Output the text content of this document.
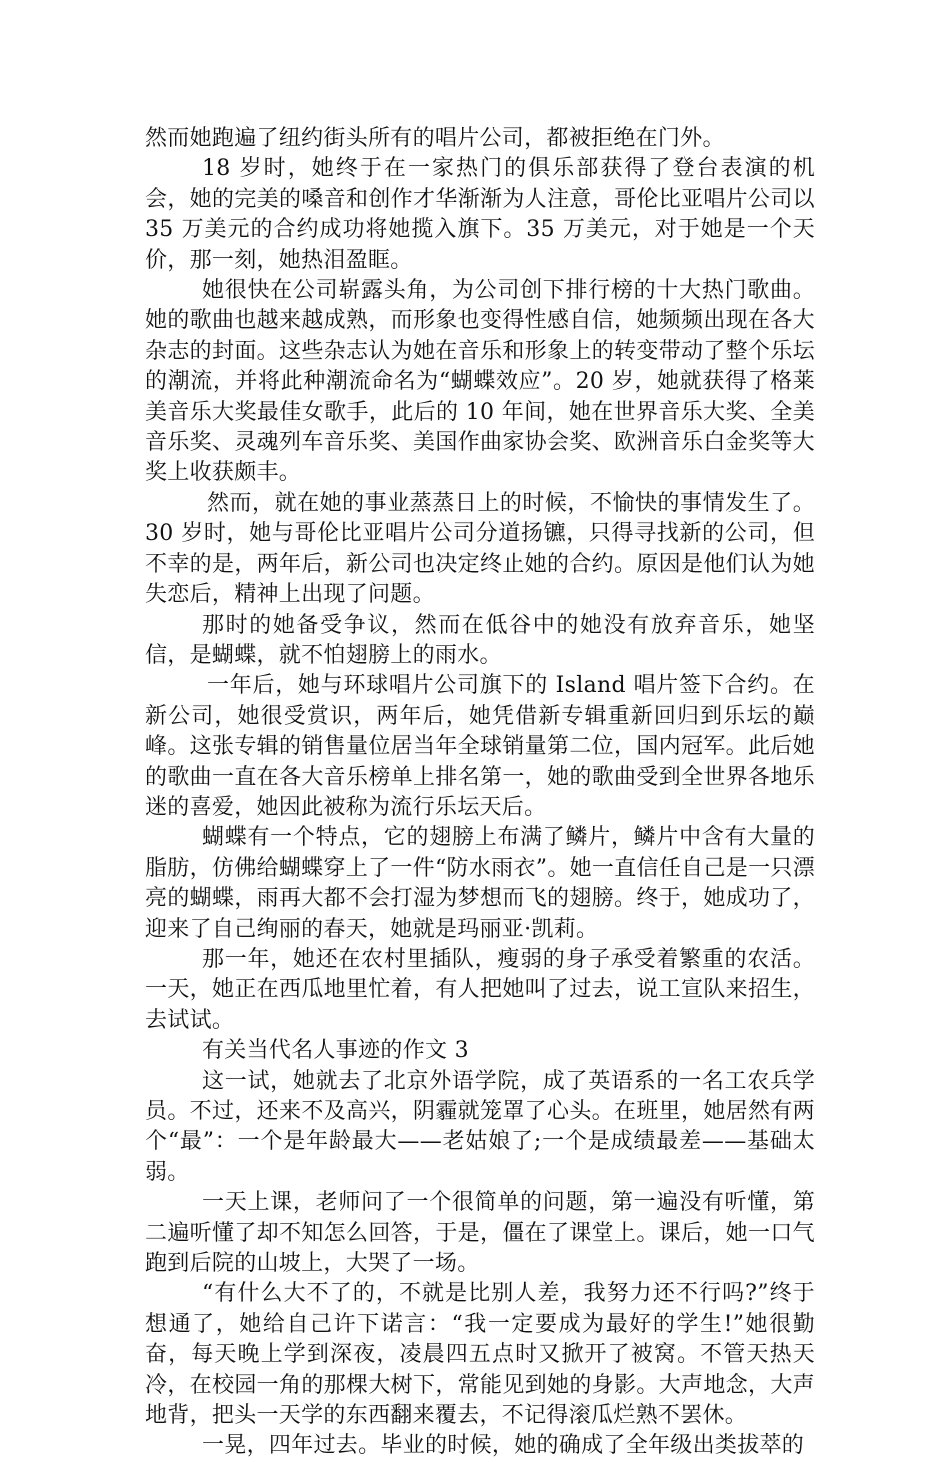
然而她跑遍了纽约街头所有的唱片公司，都被拒绝在门外。

18 岁时，她终于在一家热门的俱乐部获得了登台表演的机会，她的完美的嗓音和创作才华渐渐为人注意，哥伦比亚唱片公司以 35 万美元的合约成功将她揽入旗下。35 万美元，对于她是一个天价，那一刻，她热泪盈眶。

她很快在公司崭露头角，为公司创下排行榜的十大热门歌曲。她的歌曲也越来越成熟，而形象也变得性感自信，她频频出现在各大杂志的封面。这些杂志认为她在音乐和形象上的转变带动了整个乐坛的潮流，并将此种潮流命名为“蝴蝶效应”。20 岁，她就获得了格莱美音乐大奖最佳女歌手，此后的 10 年间，她在世界音乐大奖、全美音乐奖、灵魂列车音乐奖、美国作曲家协会奖、欧洲音乐白金奖等大奖上收获颇丰。

然而，就在她的事业蒸蒸日上的时候，不愉快的事情发生了。30 岁时，她与哥伦比亚唱片公司分道扬镳，只得寻找新的公司，但不幸的是，两年后，新公司也决定终止她的合约。原因是他们认为她失恋后，精神上出现了问题。

那时的她备受争议，然而在低谷中的她没有放弃音乐，她坚信，是蝴蝶，就不怕翅膀上的雨水。

一年后，她与环球唱片公司旗下的 Island 唱片签下合约。在新公司，她很受赏识，两年后，她凭借新专辑重新回归到乐坛的巅峰。这张专辑的销售量位居当年全球销量第二位，国内冠军。此后她的歌曲一直在各大音乐榜单上排名第一，她的歌曲受到全世界各地乐迷的喜爱，她因此被称为流行乐坛天后。

蝴蝶有一个特点，它的翅膀上布满了鳞片，鳞片中含有大量的脂肪，仿佛给蝴蝶穿上了一件“防水雨衣”。她一直信任自己是一只漂亮的蝴蝶，雨再大都不会打湿为梦想而飞的翅膀。终于，她成功了，迎来了自己绚丽的春天，她就是玛丽亚·凯莉。

那一年，她还在农村里插队，瘦弱的身子承受着繁重的农活。一天，她正在西瓜地里忙着，有人把她叫了过去，说工宣队来招生，去试试。

有关当代名人事迹的作文 3

这一试，她就去了北京外语学院，成了英语系的一名工农兵学员。不过，还来不及高兴，阴霾就笼罩了心头。在班里，她居然有两个“最”：一个是年龄最大——老姑娘了;一个是成绩最差——基础太弱。

一天上课，老师问了一个很简单的问题，第一遍没有听懂，第二遍听懂了却不知怎么回答，于是，僵在了课堂上。课后，她一口气跑到后院的山坡上，大哭了一场。

“有什么大不了的，不就是比别人差，我努力还不行吗?”终于想通了，她给自己许下诺言：“我一定要成为最好的学生!”她很勤奋，每天晚上学到深夜，凌晨四五点时又掀开了被窝。不管天热天冷，在校园一角的那棵大树下，常能见到她的身影。大声地念，大声地背，把头一天学的东西翻来覆去，不记得滚瓜烂熟不罢休。

一晃，四年过去。毕业的时候，她的确成了全年级出类拔萃的
